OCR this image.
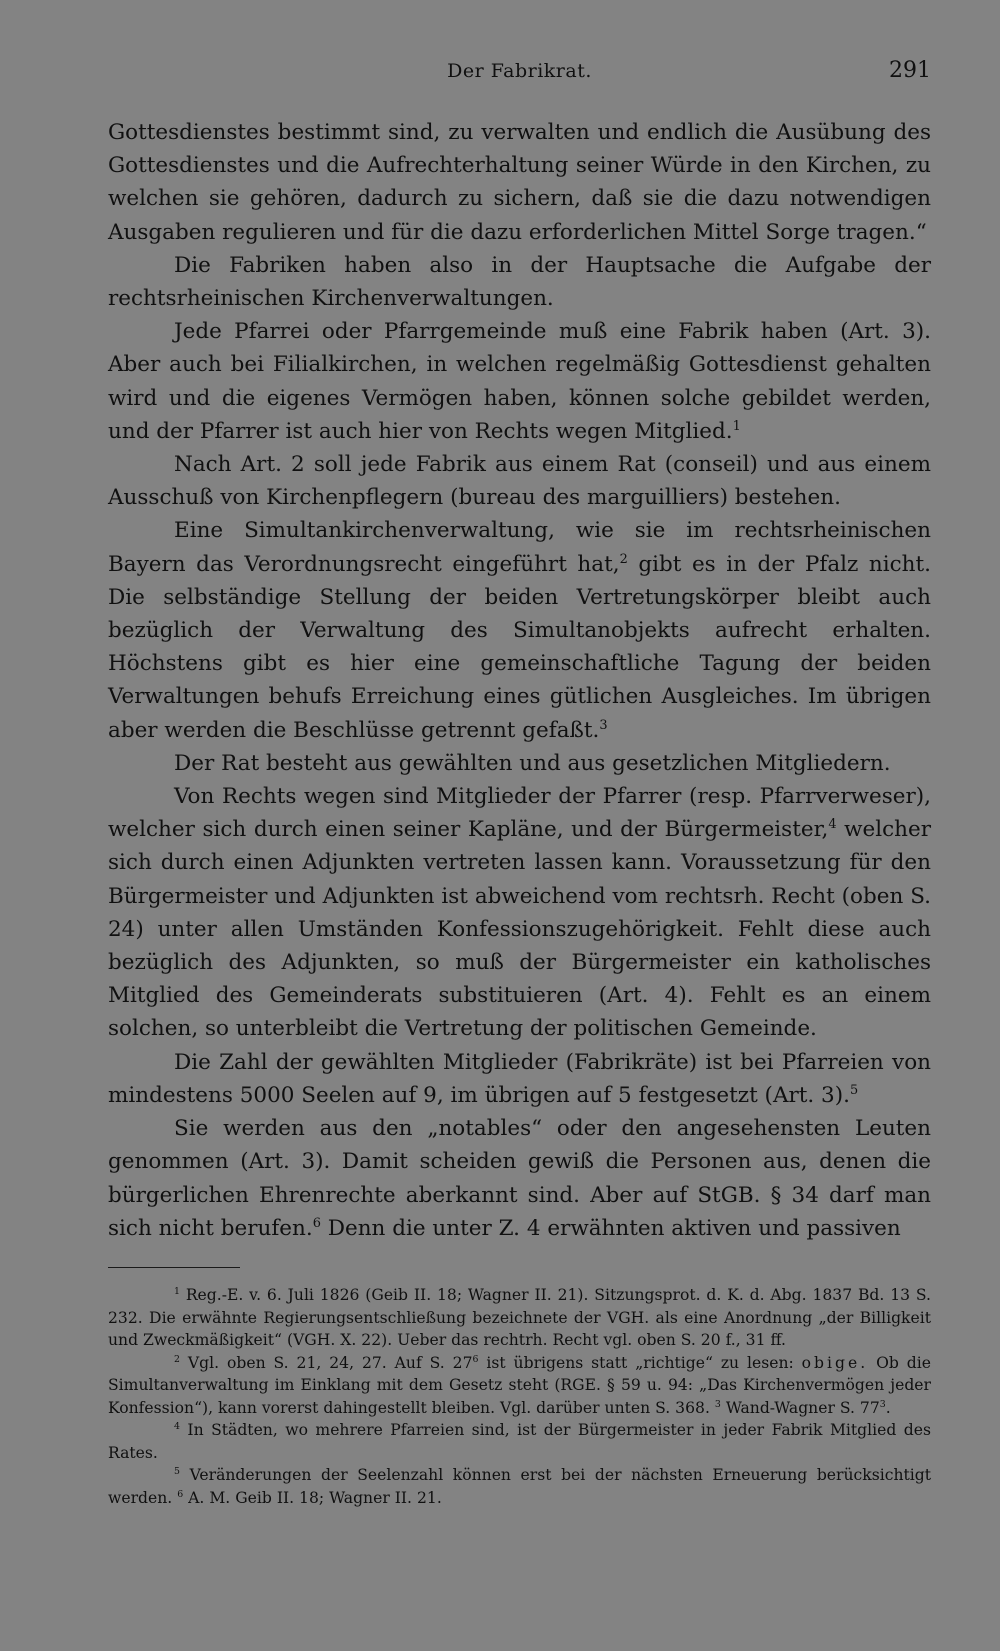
Der Fabrikrat.	291

Gottesdienstes bestimmt sind, zu verwalten und endlich die Ausübung des Gottesdienstes und die Aufrechterhaltung seiner Würde in den Kirchen, zu welchen sie gehören, dadurch zu sichern, daß sie die dazu notwendigen Ausgaben regulieren und für die dazu erforderlichen Mittel Sorge tragen.“

Die Fabriken haben also in der Hauptsache die Aufgabe der rechtsrheinischen Kirchenverwaltungen.

Jede Pfarrei oder Pfarrgemeinde muß eine Fabrik haben (Art. 3). Aber auch bei Filialkirchen, in welchen regelmäßig Gottesdienst gehalten wird und die eigenes Vermögen haben, können solche gebildet werden, und der Pfarrer ist auch hier von Rechts wegen Mitglied.$^1$

Nach Art. 2 soll jede Fabrik aus einem Rat (conseil) und aus einem Ausschuß von Kirchenpflegern (bureau des marguilliers) bestehen.

Eine Simultankirchenverwaltung, wie sie im rechtsrheinischen Bayern das Verordnungsrecht eingeführt hat,$^2$ gibt es in der Pfalz nicht. Die selbständige Stellung der beiden Vertretungskörper bleibt auch bezüglich der Verwaltung des Simultanobjekts aufrecht erhalten. Höchstens gibt es hier eine gemeinschaftliche Tagung der beiden Verwaltungen behufs Erreichung eines gütlichen Ausgleiches. Im übrigen aber werden die Beschlüsse getrennt gefaßt.$^3$

Der Rat besteht aus gewählten und aus gesetzlichen Mitgliedern.

Von Rechts wegen sind Mitglieder der Pfarrer (resp. Pfarrverweser), welcher sich durch einen seiner Kapläne, und der Bürgermeister,$^4$ welcher sich durch einen Adjunkten vertreten lassen kann. Voraussetzung für den Bürgermeister und Adjunkten ist abweichend vom rechtsrh. Recht (oben S. 24) unter allen Umständen Konfessionszugehörigkeit. Fehlt diese auch bezüglich des Adjunkten, so muß der Bürgermeister ein katholisches Mitglied des Gemeinderats substituieren (Art. 4). Fehlt es an einem solchen, so unterbleibt die Vertretung der politischen Gemeinde.

Die Zahl der gewählten Mitglieder (Fabrikräte) ist bei Pfarreien von mindestens 5000 Seelen auf 9, im übrigen auf 5 festgesetzt (Art. 3).$^5$

Sie werden aus den „notables“ oder den angesehensten Leuten genommen (Art. 3). Damit scheiden gewiß die Personen aus, denen die bürgerlichen Ehrenrechte aberkannt sind. Aber auf StGB. § 34 darf man sich nicht berufen.$^6$ Denn die unter Z. 4 erwähnten aktiven und passiven

$^1$ Reg.-E. v. 6. Juli 1826 (Geib II. 18; Wagner II. 21). Sitzungsprot. d. K. d. Abg. 1837 Bd. 13 S. 232. Die erwähnte Regierungsentschließung bezeichnete der VGH. als eine Anordnung „der Billigkeit und Zweckmäßigkeit“ (VGH. X. 22). Ueber das rechtrh. Recht vgl. oben S. 20 f., 31 ff.

$^2$ Vgl. oben S. 21, 24, 27. Auf S. $27^6$ ist übrigens statt „richtige“ zu lesen: obige. Ob die Simultanverwaltung im Einklang mit dem Gesetz steht (RGE. § 59 u. 94: „Das Kirchenvermögen jeder Konfession“), kann vorerst dahingestellt bleiben. Vgl. darüber unten S. 368. $^3$ Wand-Wagner S. $77^3$.

$^4$ In Städten, wo mehrere Pfarreien sind, ist der Bürgermeister in jeder Fabrik Mitglied des Rates.

$^5$ Veränderungen der Seelenzahl können erst bei der nächsten Erneuerung berücksichtigt werden. $^6$ A. M. Geib II. 18; Wagner II. 21.
